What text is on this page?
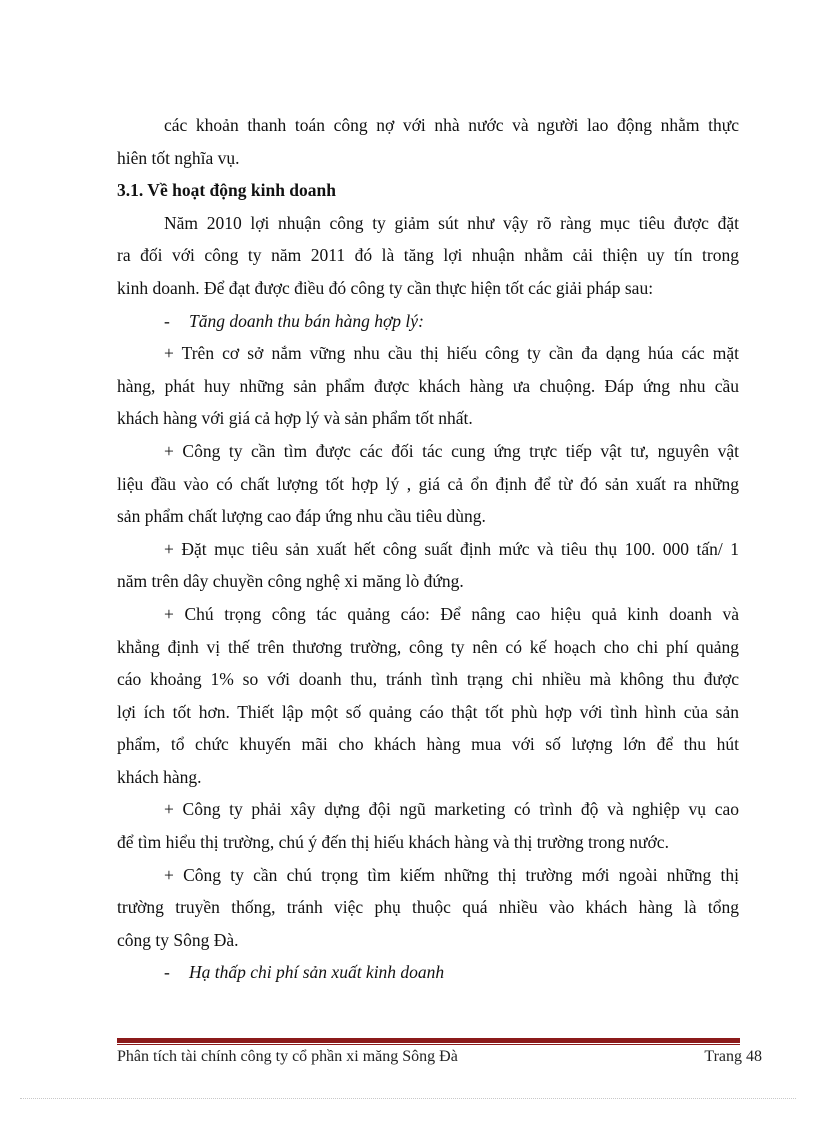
các khoản thanh toán công nợ với nhà nước và người lao động nhằm thực
hiên tốt nghĩa vụ.
3.1. Về hoạt động kinh doanh
Năm 2010 lợi nhuận công ty giảm sút như vậy rõ ràng mục tiêu được đặt
ra đối với công ty năm 2011 đó là tăng lợi nhuận nhằm cải thiện uy tín trong
kinh doanh. Để đạt được điều đó công ty cần thực hiện tốt các giải pháp sau:
- Tăng doanh thu bán hàng hợp lý:
+ Trên cơ sở nắm vững nhu cầu thị hiếu công ty cần đa dạng húa các mặt
hàng, phát huy những sản phẩm được khách hàng ưa chuộng. Đáp ứng nhu cầu
khách hàng với giá cả hợp lý và sản phẩm tốt nhất.
+ Công ty cần tìm được các đối tác cung ứng trực tiếp vật tư, nguyên vật
liệu đầu vào có chất lượng tốt hợp lý , giá cả ổn định để từ đó sản xuất ra những
sản phẩm chất lượng cao đáp ứng nhu cầu tiêu dùng.
+ Đặt mục tiêu sản xuất hết công suất định mức và tiêu thụ 100. 000 tấn/ 1
năm trên dây chuyền công nghệ xi măng lò đứng.
+ Chú trọng công tác quảng cáo: Để nâng cao hiệu quả kinh doanh và
khẳng định vị thế trên thương trường, công ty nên có kế hoạch cho chi phí quảng
cáo khoảng 1% so với doanh thu, tránh tình trạng chi nhiều mà không thu được
lợi ích tốt hơn. Thiết lập một số quảng cáo thật tốt phù hợp với tình hình của sản
phẩm, tổ chức khuyến mãi cho khách hàng mua với số lượng lớn để thu hút
khách hàng.
+ Công ty phải xây dựng đội ngũ marketing có trình độ và nghiệp vụ cao
để tìm hiểu thị trường, chú ý đến thị hiếu khách hàng và thị trường trong nước.
+ Công ty cần chú trọng tìm kiếm những thị trường mới ngoài những thị
trường truyền thống, tránh việc phụ thuộc quá nhiều vào khách hàng là tổng
công ty Sông Đà.
- Hạ thấp chi phí sản xuất kinh doanh
Phân tích tài chính công ty cổ phần xi măng Sông Đà	Trang 48
